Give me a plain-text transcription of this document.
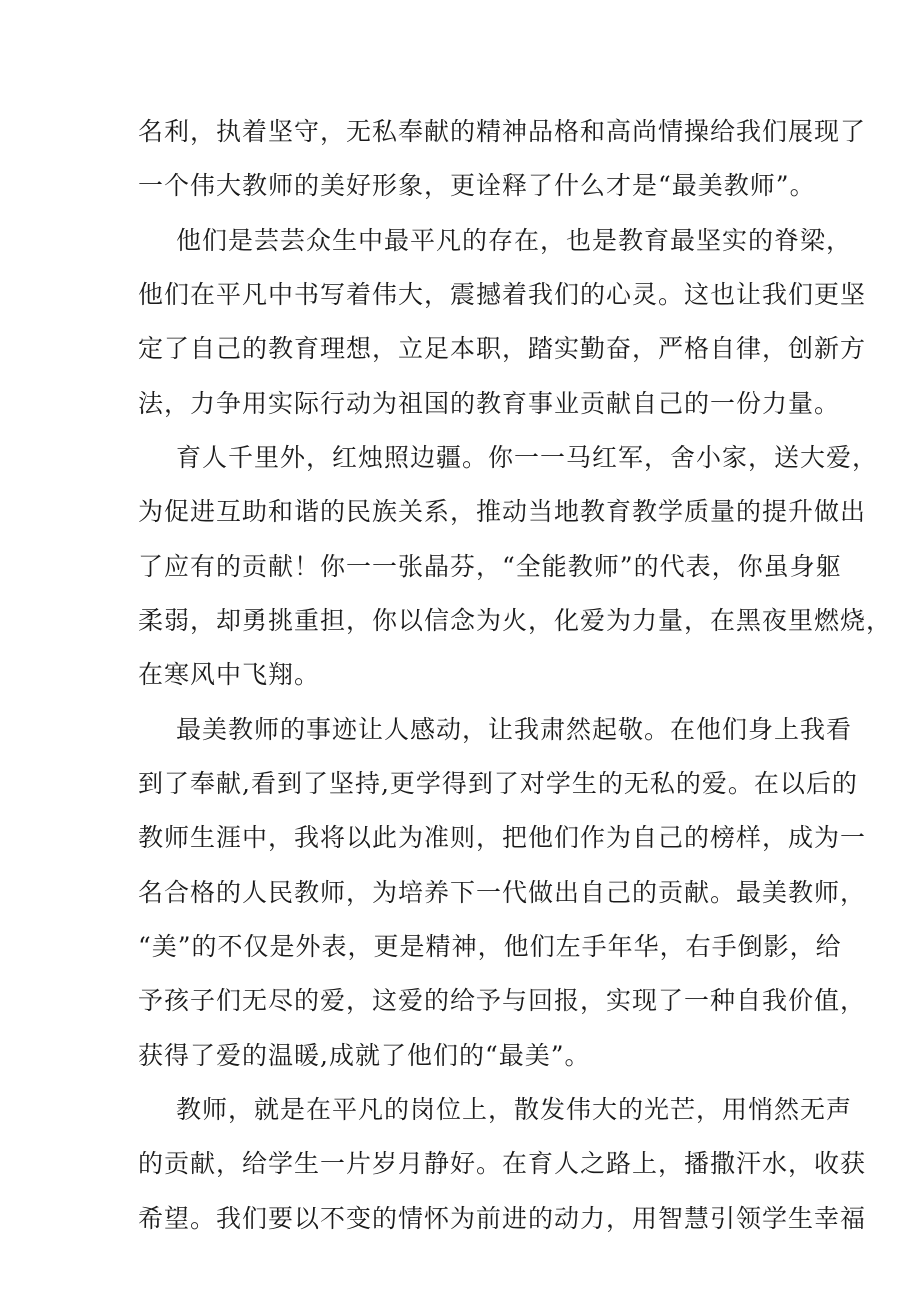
名利，执着坚守，无私奉献的精神品格和高尚情操给我们展现了
一个伟大教师的美好形象，更诠释了什么才是“最美教师”。
他们是芸芸众生中最平凡的存在，也是教育最坚实的脊梁，
他们在平凡中书写着伟大，震撼着我们的心灵。这也让我们更坚
定了自己的教育理想，立足本职，踏实勤奋，严格自律，创新方
法，力争用实际行动为祖国的教育事业贡献自己的一份力量。
育人千里外，红烛照边疆。你一一马红军，舍小家，送大爱，
为促进互助和谐的民族关系，推动当地教育教学质量的提升做出
了应有的贡献！你一一张晶芬，“全能教师”的代表，你虽身躯
柔弱，却勇挑重担，你以信念为火，化爱为力量，在黑夜里燃烧，
在寒风中飞翔。
最美教师的事迹让人感动，让我肃然起敬。在他们身上我看
到了奉献,看到了坚持,更学得到了对学生的无私的爱。在以后的
教师生涯中，我将以此为准则，把他们作为自己的榜样，成为一
名合格的人民教师，为培养下一代做出自己的贡献。最美教师，
“美”的不仅是外表，更是精神，他们左手年华，右手倒影，给
予孩子们无尽的爱，这爱的给予与回报，实现了一种自我价值，
获得了爱的温暖,成就了他们的“最美”。
教师，就是在平凡的岗位上，散发伟大的光芒，用悄然无声
的贡献，给学生一片岁月静好。在育人之路上，播撒汗水，收获
希望。我们要以不变的情怀为前进的动力，用智慧引领学生幸福
